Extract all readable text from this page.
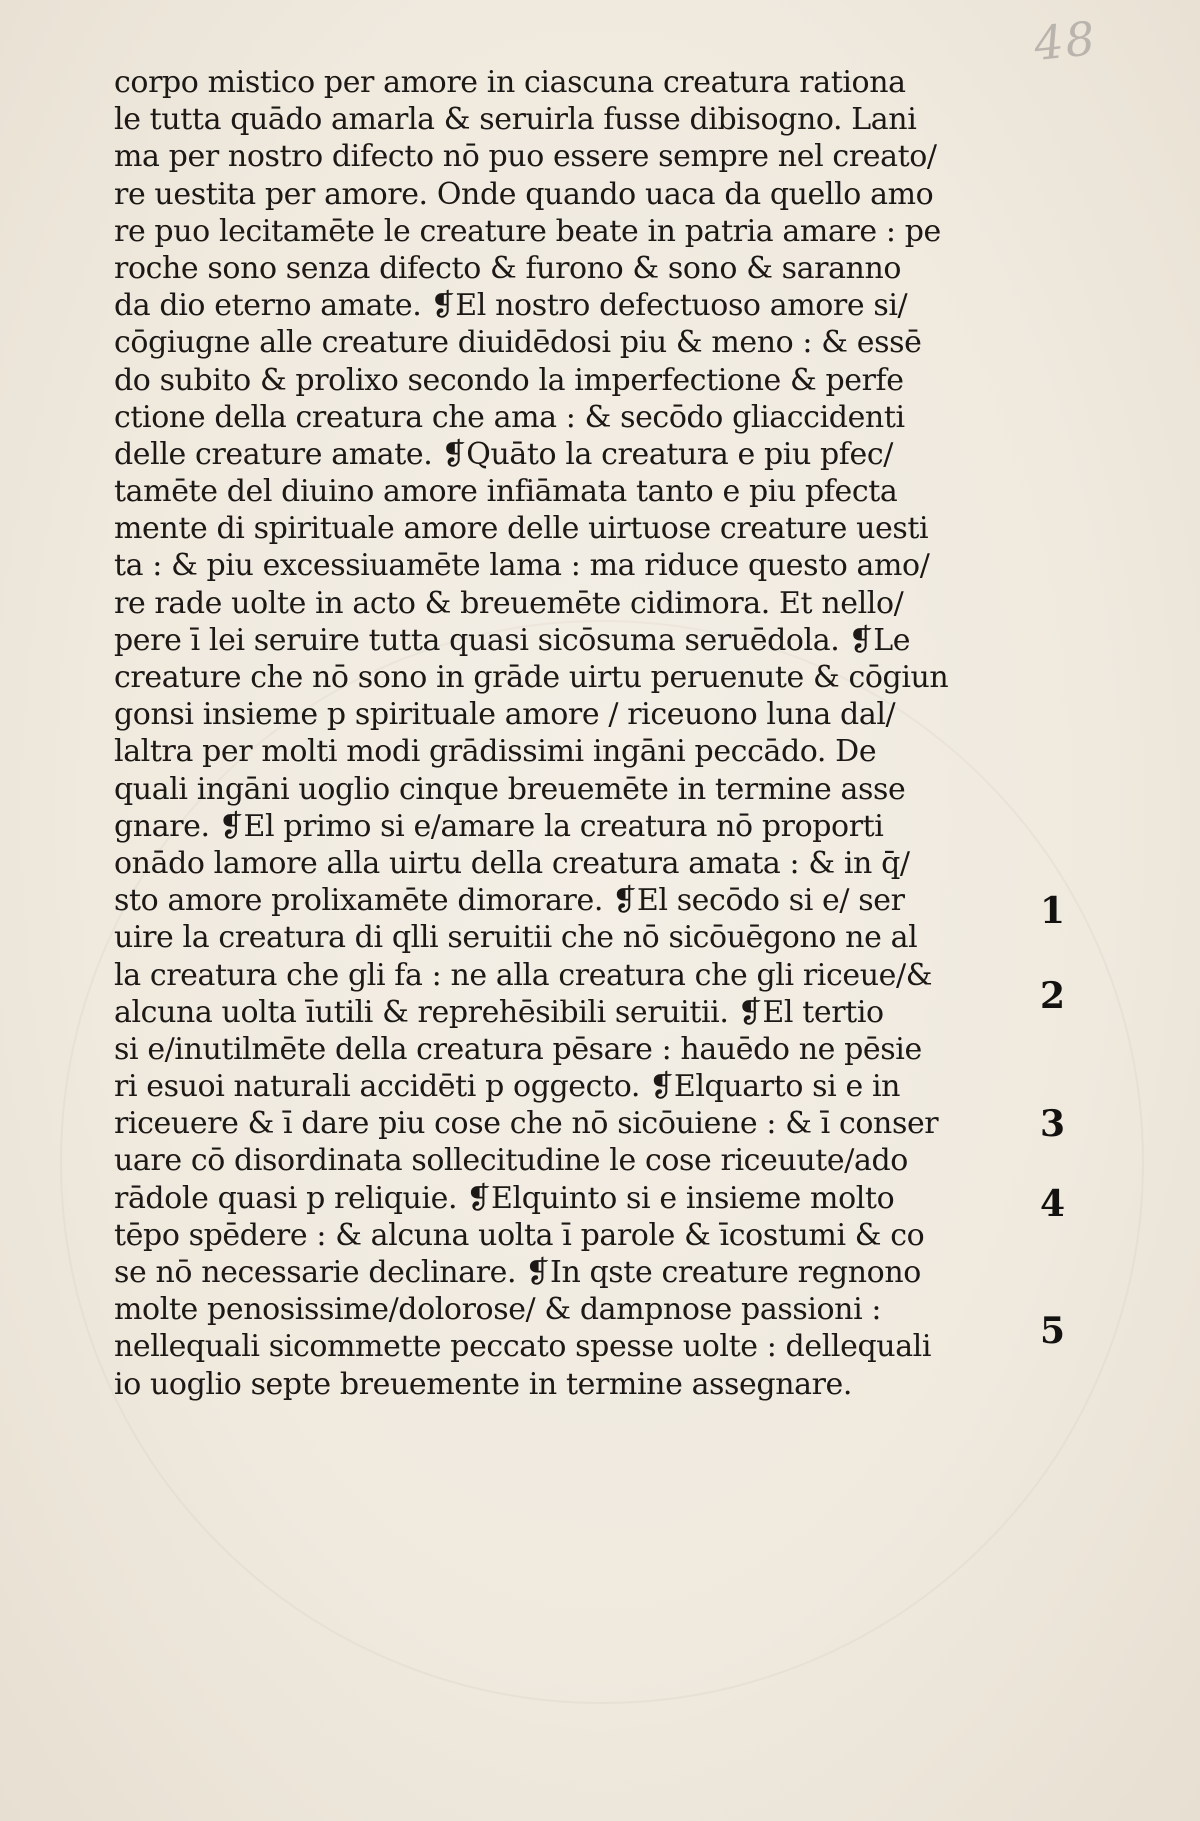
48
corpo mistico per amore in ciascuna creatura rationa
le tutta quādo amarla & seruirla fusse dibisogno. Lani
ma per nostro difecto nō puo essere sempre nel creato/
re uestita per amore. Onde quando uaca da quello amo
re puo lecitamēte le creature beate in patria amare : pe
roche sono senza difecto & furono & sono & saranno
da dio eterno amate. ❡El nostro defectuoso amore si/
cōgiugne alle creature diuidēdosi piu & meno : & essē
do subito & prolixo secondo la imperfectione & perfe
ctione della creatura che ama : & secōdo gliaccidenti
delle creature amate. ❡Quāto la creatura e piu pfec/
tamēte del diuino amore infiāmata tanto e piu pfecta
mente di spirituale amore delle uirtuose creature uesti
ta : & piu excessiuamēte lama : ma riduce questo amo/
re rade uolte in acto & breuemēte cidimora. Et nello/
pere ī lei seruire tutta quasi sicōsuma seruēdola. ❡Le
creature che nō sono in grāde uirtu peruenute & cōgiun
gonsi insieme p spirituale amore / riceuono luna dal/
laltra per molti modi grādissimi ingāni peccādo. De
quali ingāni uoglio cinque breuemēte in termine asse
gnare. ❡El primo si e/amare la creatura nō proporti
onādo lamore alla uirtu della creatura amata : & in q̄/
sto amore prolixamēte dimorare. ❡El secōdo si e/ ser
uire la creatura di qlli seruitii che nō sicōuēgono ne al
la creatura che gli fa : ne alla creatura che gli riceue/&
alcuna uolta īutili & reprehēsibili seruitii. ❡El tertio
si e/inutilmēte della creatura pēsare : hauēdo ne pēsie
ri esuoi naturali accidēti p oggecto. ❡Elquarto si e in
riceuere & ī dare piu cose che nō sicōuiene : & ī conser
uare cō disordinata sollecitudine le cose riceuute/ado
rādole quasi p reliquie. ❡Elquinto si e insieme molto
tēpo spēdere : & alcuna uolta ī parole & īcostumi & co
se nō necessarie declinare. ❡In qste creature regnono
molte penosissime/dolorose/ & dampnose passioni :
nellequali sicommette peccato spesse uolte : dellequali
io uoglio septe breuemente in termine assegnare.
1
2
3
4
5
